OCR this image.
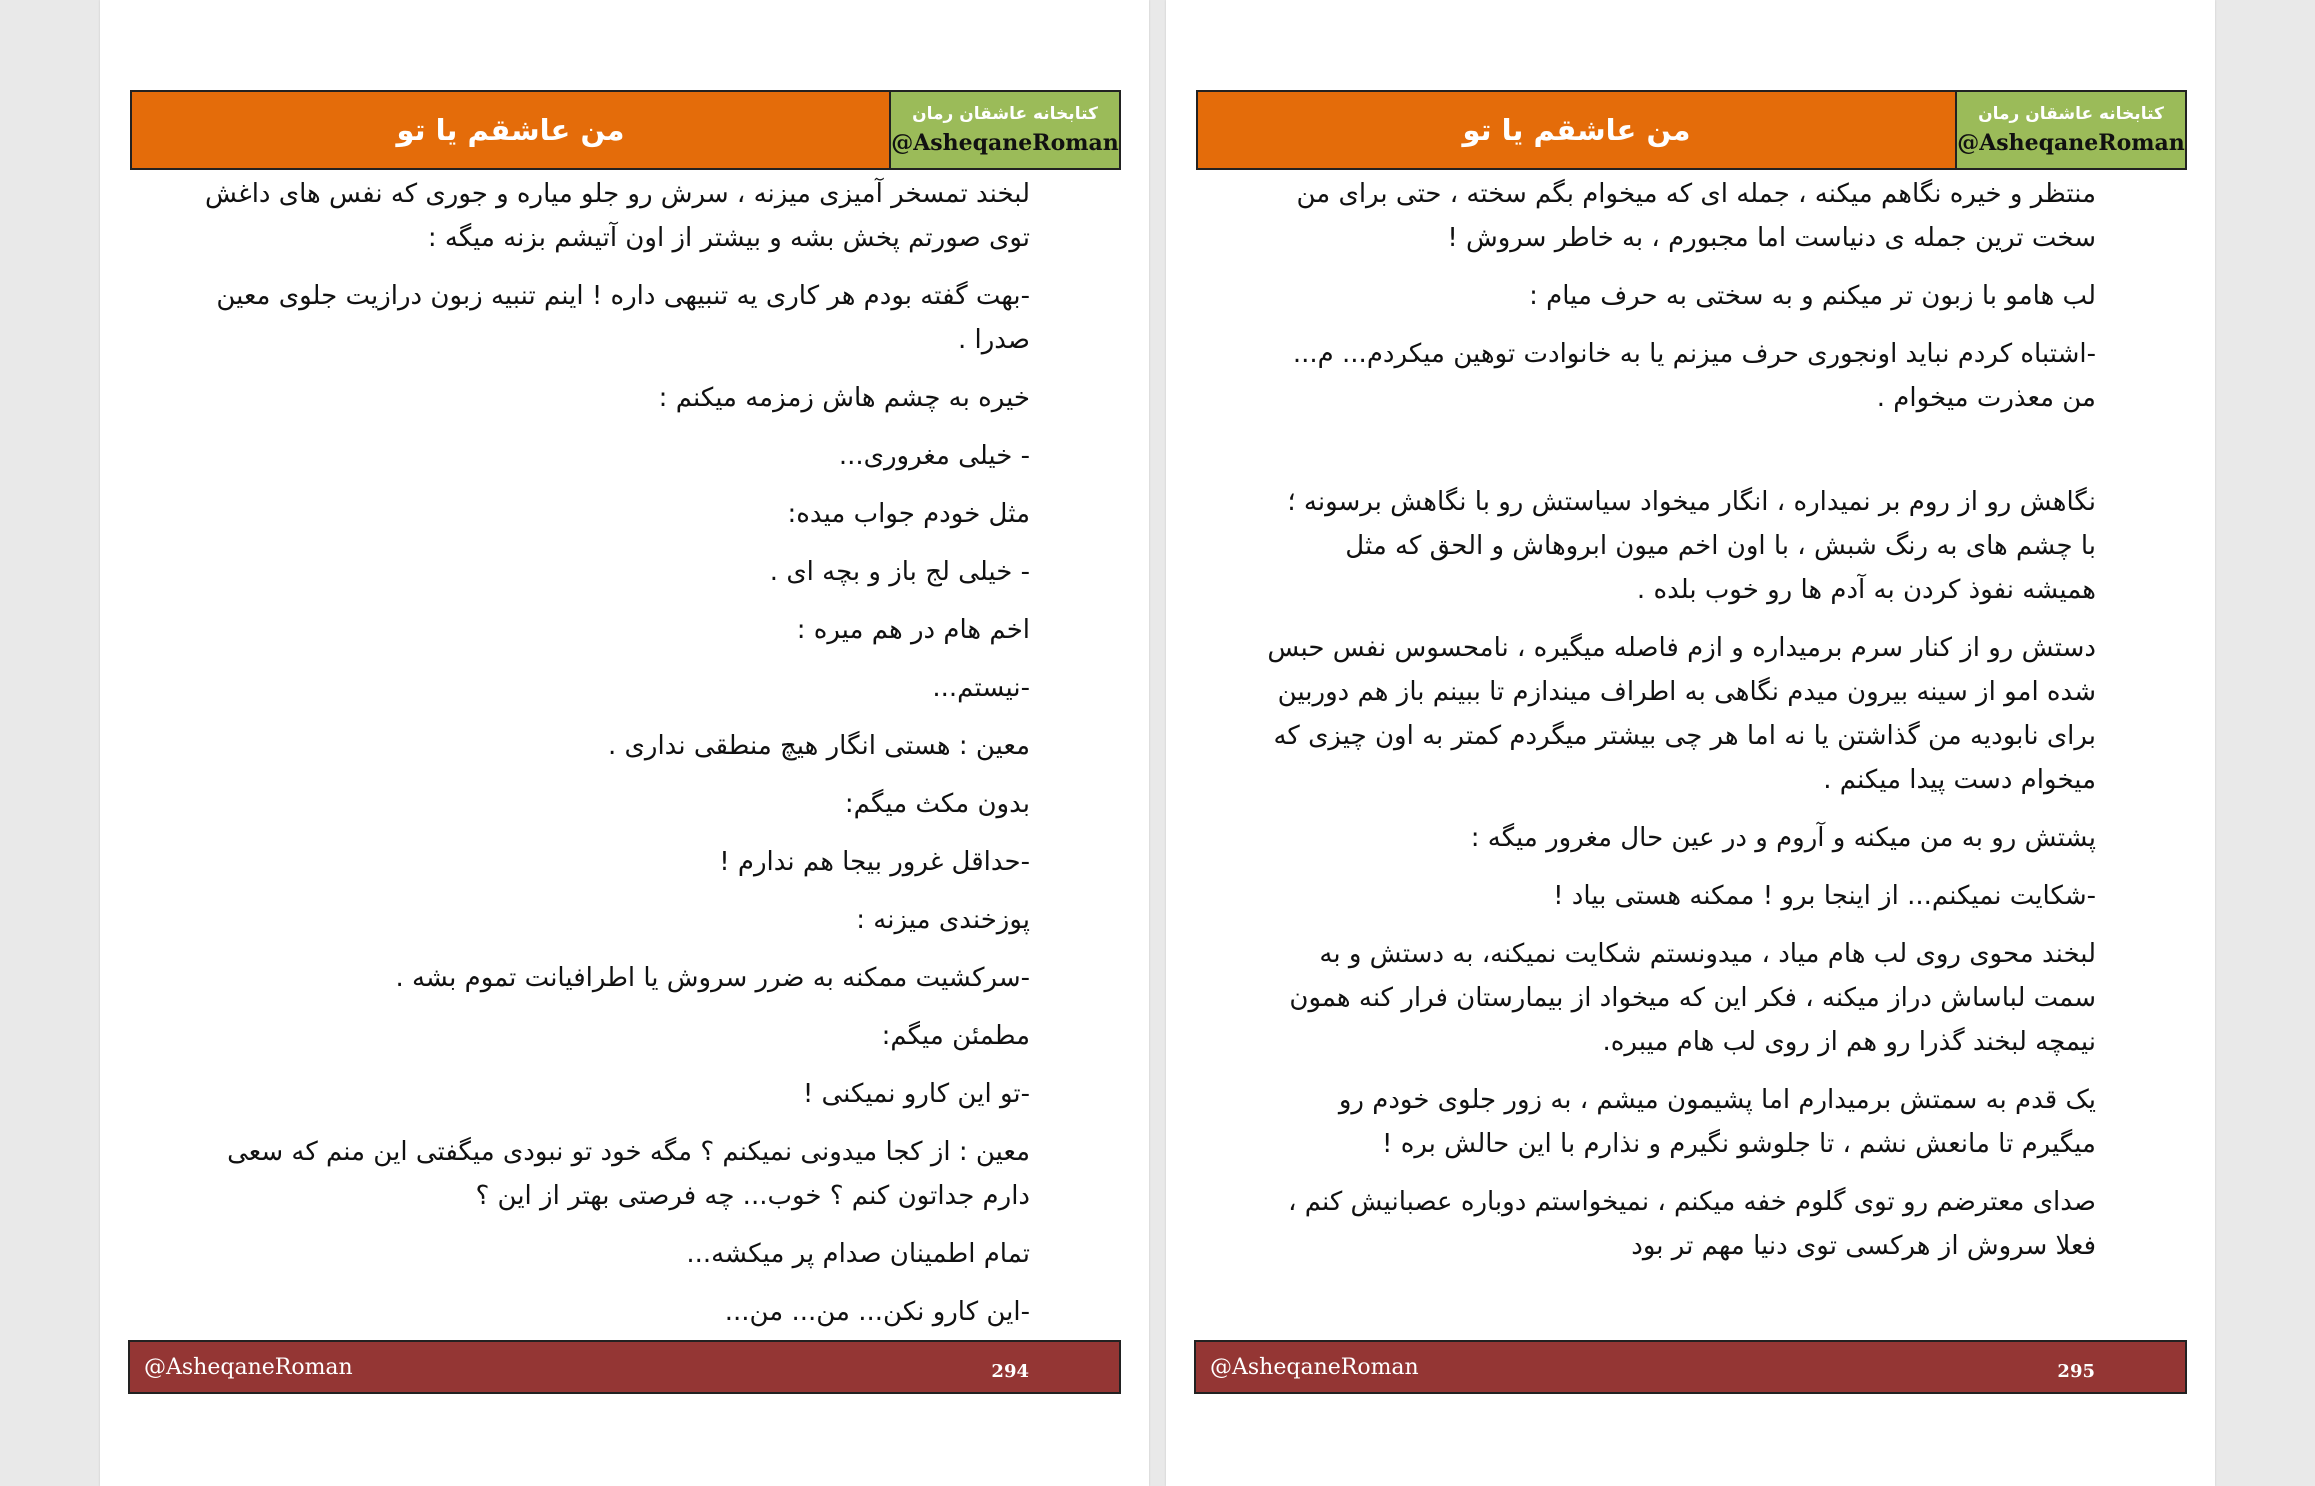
من عاشقم یا تو	کتابخانه عاشقان رمان
@AsheqaneRoman

لبخند تمسخر آمیزی میزنه ، سرش رو جلو میاره و جوری که نفس های داغش توی صورتم پخش بشه و بیشتر از اون آتیشم بزنه میگه :

-بهت گفته بودم هر کاری یه تنبیهی داره ! اینم تنبیه زبون درازیت جلوی معین صدرا .

خیره به چشم هاش زمزمه میکنم :

- خیلی مغروری...

مثل خودم جواب میده:

- خیلی لج باز و بچه ای .

اخم هام در هم میره :

-نیستم...

معین : هستی انگار هیچ منطقی نداری .

بدون مکث میگم:

-حداقل غرور بیجا هم ندارم !

پوزخندی میزنه :

-سرکشیت ممکنه به ضرر سروش یا اطرافیانت تموم بشه .

مطمئن میگم:

-تو این کارو نمیکنی !

معین : از کجا میدونی نمیکنم ؟ مگه خود تو نبودی میگفتی این منم که سعی دارم جداتون کنم ؟ خوب... چه فرصتی بهتر از این ؟

تمام اطمینان صدام پر میکشه...

-این کارو نکن... من... من...

@AsheqaneRoman	294
من عاشقم یا تو	کتابخانه عاشقان رمان
@AsheqaneRoman

منتظر و خیره نگاهم میکنه ، جمله ای که میخوام بگم سخته ، حتی برای من سخت ترین جمله ی دنیاست اما مجبورم ، به خاطر سروش !

لب هامو با زبون تر میکنم و به سختی به حرف میام :

-اشتباه کردم نباید اونجوری حرف میزنم یا به خانوادت توهین میکردم... م... من معذرت میخوام .

نگاهش رو از روم بر نمیداره ، انگار میخواد سیاستش رو با نگاهش برسونه ؛ با چشم های به رنگ شبش ، با اون اخم میون ابروهاش و الحق که مثل همیشه نفوذ کردن به آدم ها رو خوب بلده .

دستش رو از کنار سرم برمیداره و ازم فاصله میگیره ، نامحسوس نفس حبس شده امو از سینه بیرون میدم نگاهی به اطراف میندازم تا ببینم باز هم دوربین برای نابودیه من گذاشتن یا نه اما هر چی بیشتر میگردم کمتر به اون چیزی که میخوام دست پیدا میکنم .

پشتش رو به من میکنه و آروم و در عین حال مغرور میگه :

-شکایت نمیکنم... از اینجا برو ! ممکنه هستی بیاد !

لبخند محوی روی لب هام میاد ، میدونستم شکایت نمیکنه، به دستش و به سمت لباساش دراز میکنه ، فکر این که میخواد از بیمارستان فرار کنه همون نیمچه لبخند گذرا رو هم از روی لب هام میبره.

یک قدم به سمتش برمیدارم اما پشیمون میشم ، به زور جلوی خودم رو میگیرم تا مانعش نشم ، تا جلوشو نگیرم و نذارم با این حالش بره !

صدای معترضم رو توی گلوم خفه میکنم ، نمیخواستم دوباره عصبانیش کنم ، فعلا سروش از هرکسی توی دنیا مهم تر بود

@AsheqaneRoman	295
